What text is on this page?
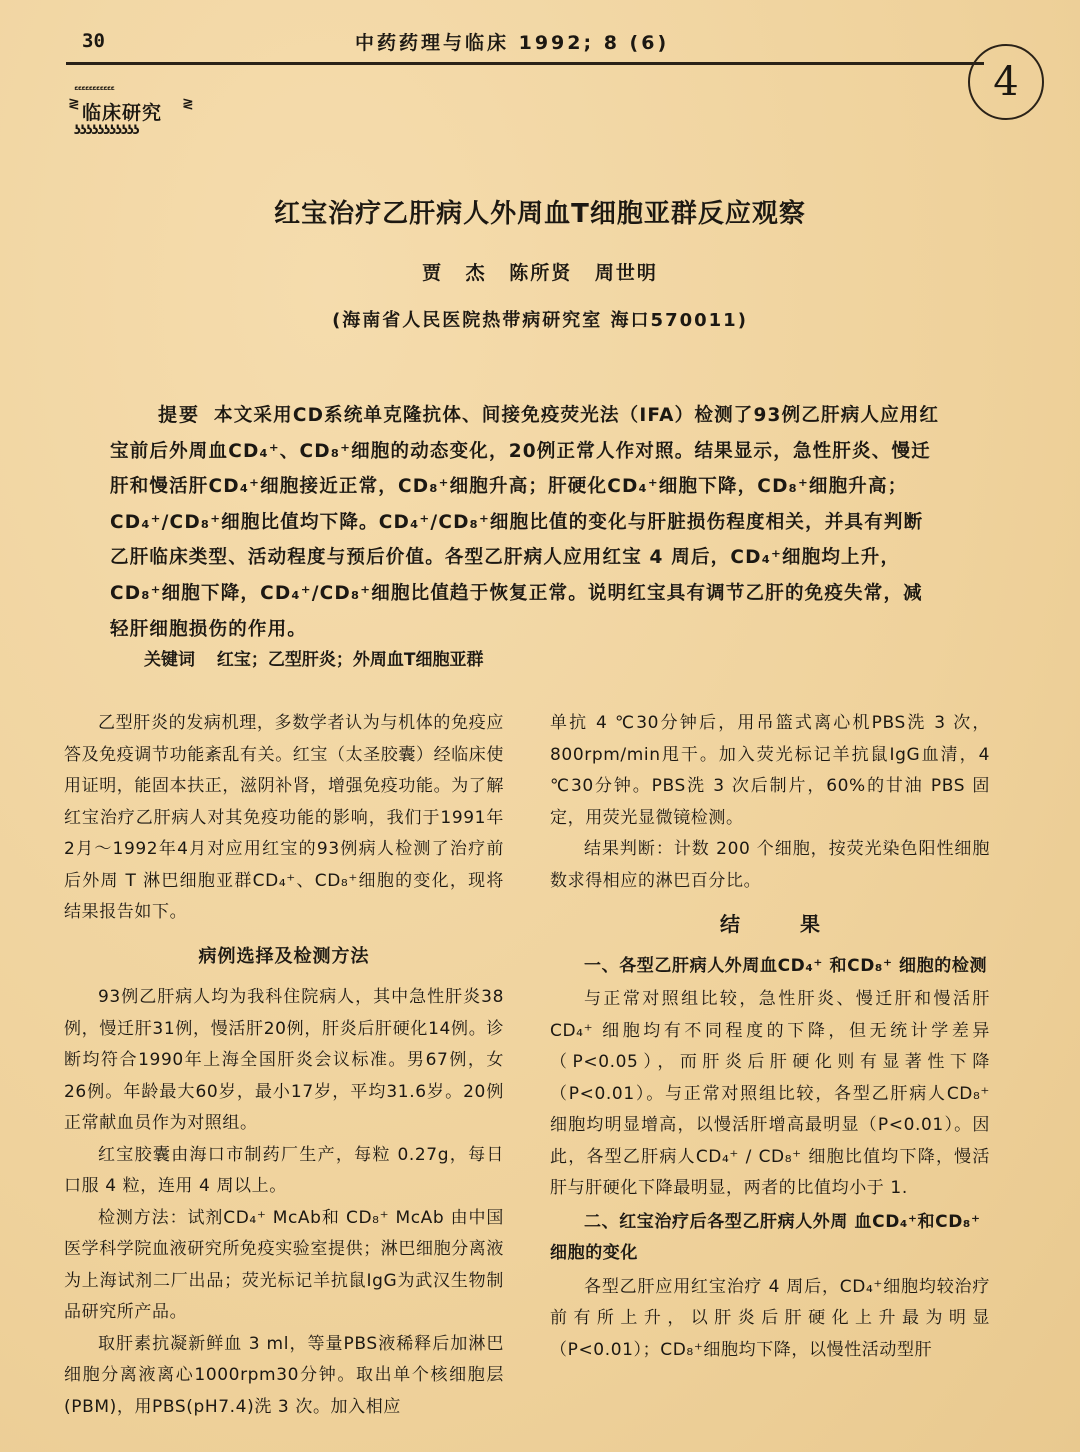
30	中药药理与临床 1992; 8 (6)
4
ᵋᵋᵋᵋᵋᵋᵋᵋᵋᵋᵋ
≷ 临床研究 ≷
ʖʖʖʖʖʖʖʖʖʖʖ
红宝治疗乙肝病人外周血T细胞亚群反应观察
贾 杰 陈所贤 周世明
(海南省人民医院热带病研究室 海口570011)
提要 本文采用CD系统单克隆抗体、间接免疫荧光法（IFA）检测了93例乙肝病人应用红宝前后外周血CD₄⁺、CD₈⁺细胞的动态变化，20例正常人作对照。结果显示，急性肝炎、慢迁肝和慢活肝CD₄⁺细胞接近正常，CD₈⁺细胞升高；肝硬化CD₄⁺细胞下降，CD₈⁺细胞升高；CD₄⁺/CD₈⁺细胞比值均下降。CD₄⁺/CD₈⁺细胞比值的变化与肝脏损伤程度相关，并具有判断乙肝临床类型、活动程度与预后价值。各型乙肝病人应用红宝 4 周后，CD₄⁺细胞均上升，CD₈⁺细胞下降，CD₄⁺/CD₈⁺细胞比值趋于恢复正常。说明红宝具有调节乙肝的免疫失常，减轻肝细胞损伤的作用。
关键词 红宝；乙型肝炎；外周血T细胞亚群

乙型肝炎的发病机理，多数学者认为与机体的免疫应答及免疫调节功能紊乱有关。红宝（太圣胶囊）经临床使用证明，能固本扶正，滋阴补肾，增强免疫功能。为了解红宝治疗乙肝病人对其免疫功能的影响，我们于1991年2月～1992年4月对应用红宝的93例病人检测了治疗前后外周 T 淋巴细胞亚群CD₄⁺、CD₈⁺细胞的变化，现将结果报告如下。

病例选择及检测方法

93例乙肝病人均为我科住院病人，其中急性肝炎38例，慢迁肝31例，慢活肝20例，肝炎后肝硬化14例。诊断均符合1990年上海全国肝炎会议标准。男67例，女26例。年龄最大60岁，最小17岁，平均31.6岁。20例正常献血员作为对照组。

红宝胶囊由海口市制药厂生产，每粒 0.27g，每日口服 4 粒，连用 4 周以上。

检测方法：试剂CD₄⁺ McAb和 CD₈⁺ McAb 由中国医学科学院血液研究所免疫实验室提供；淋巴细胞分离液为上海试剂二厂出品；荧光标记羊抗鼠IgG为武汉生物制品研究所产品。

取肝素抗凝新鲜血 3 ml，等量PBS液稀释后加淋巴细胞分离液离心1000rpm30分钟。取出单个核细胞层(PBM)，用PBS(pH7.4)洗 3 次。加入相应

单抗 4 ℃30分钟后，用吊篮式离心机PBS洗 3 次，800rpm/min甩干。加入荧光标记羊抗鼠IgG血清，4 ℃30分钟。PBS洗 3 次后制片，60%的甘油 PBS 固定，用荧光显微镜检测。

结果判断：计数 200 个细胞，按荧光染色阳性细胞数求得相应的淋巴百分比。

结果
一、各型乙肝病人外周血CD₄⁺ 和CD₈⁺ 细胞的检测

与正常对照组比较，急性肝炎、慢迁肝和慢活肝CD₄⁺ 细胞均有不同程度的下降，但无统计学差异（P<0.05），而肝炎后肝硬化则有显著性下降（P<0.01）。与正常对照组比较，各型乙肝病人CD₈⁺ 细胞均明显增高，以慢活肝增高最明显（P<0.01）。因此，各型乙肝病人CD₄⁺ / CD₈⁺ 细胞比值均下降，慢活肝与肝硬化下降最明显，两者的比值均小于 1.

二、红宝治疗后各型乙肝病人外周 血CD₄⁺和CD₈⁺细胞的变化

各型乙肝应用红宝治疗 4 周后，CD₄⁺细胞均较治疗前有所上升，以肝炎后肝硬化上升最为明显（P<0.01）；CD₈⁺细胞均下降，以慢性活动型肝
